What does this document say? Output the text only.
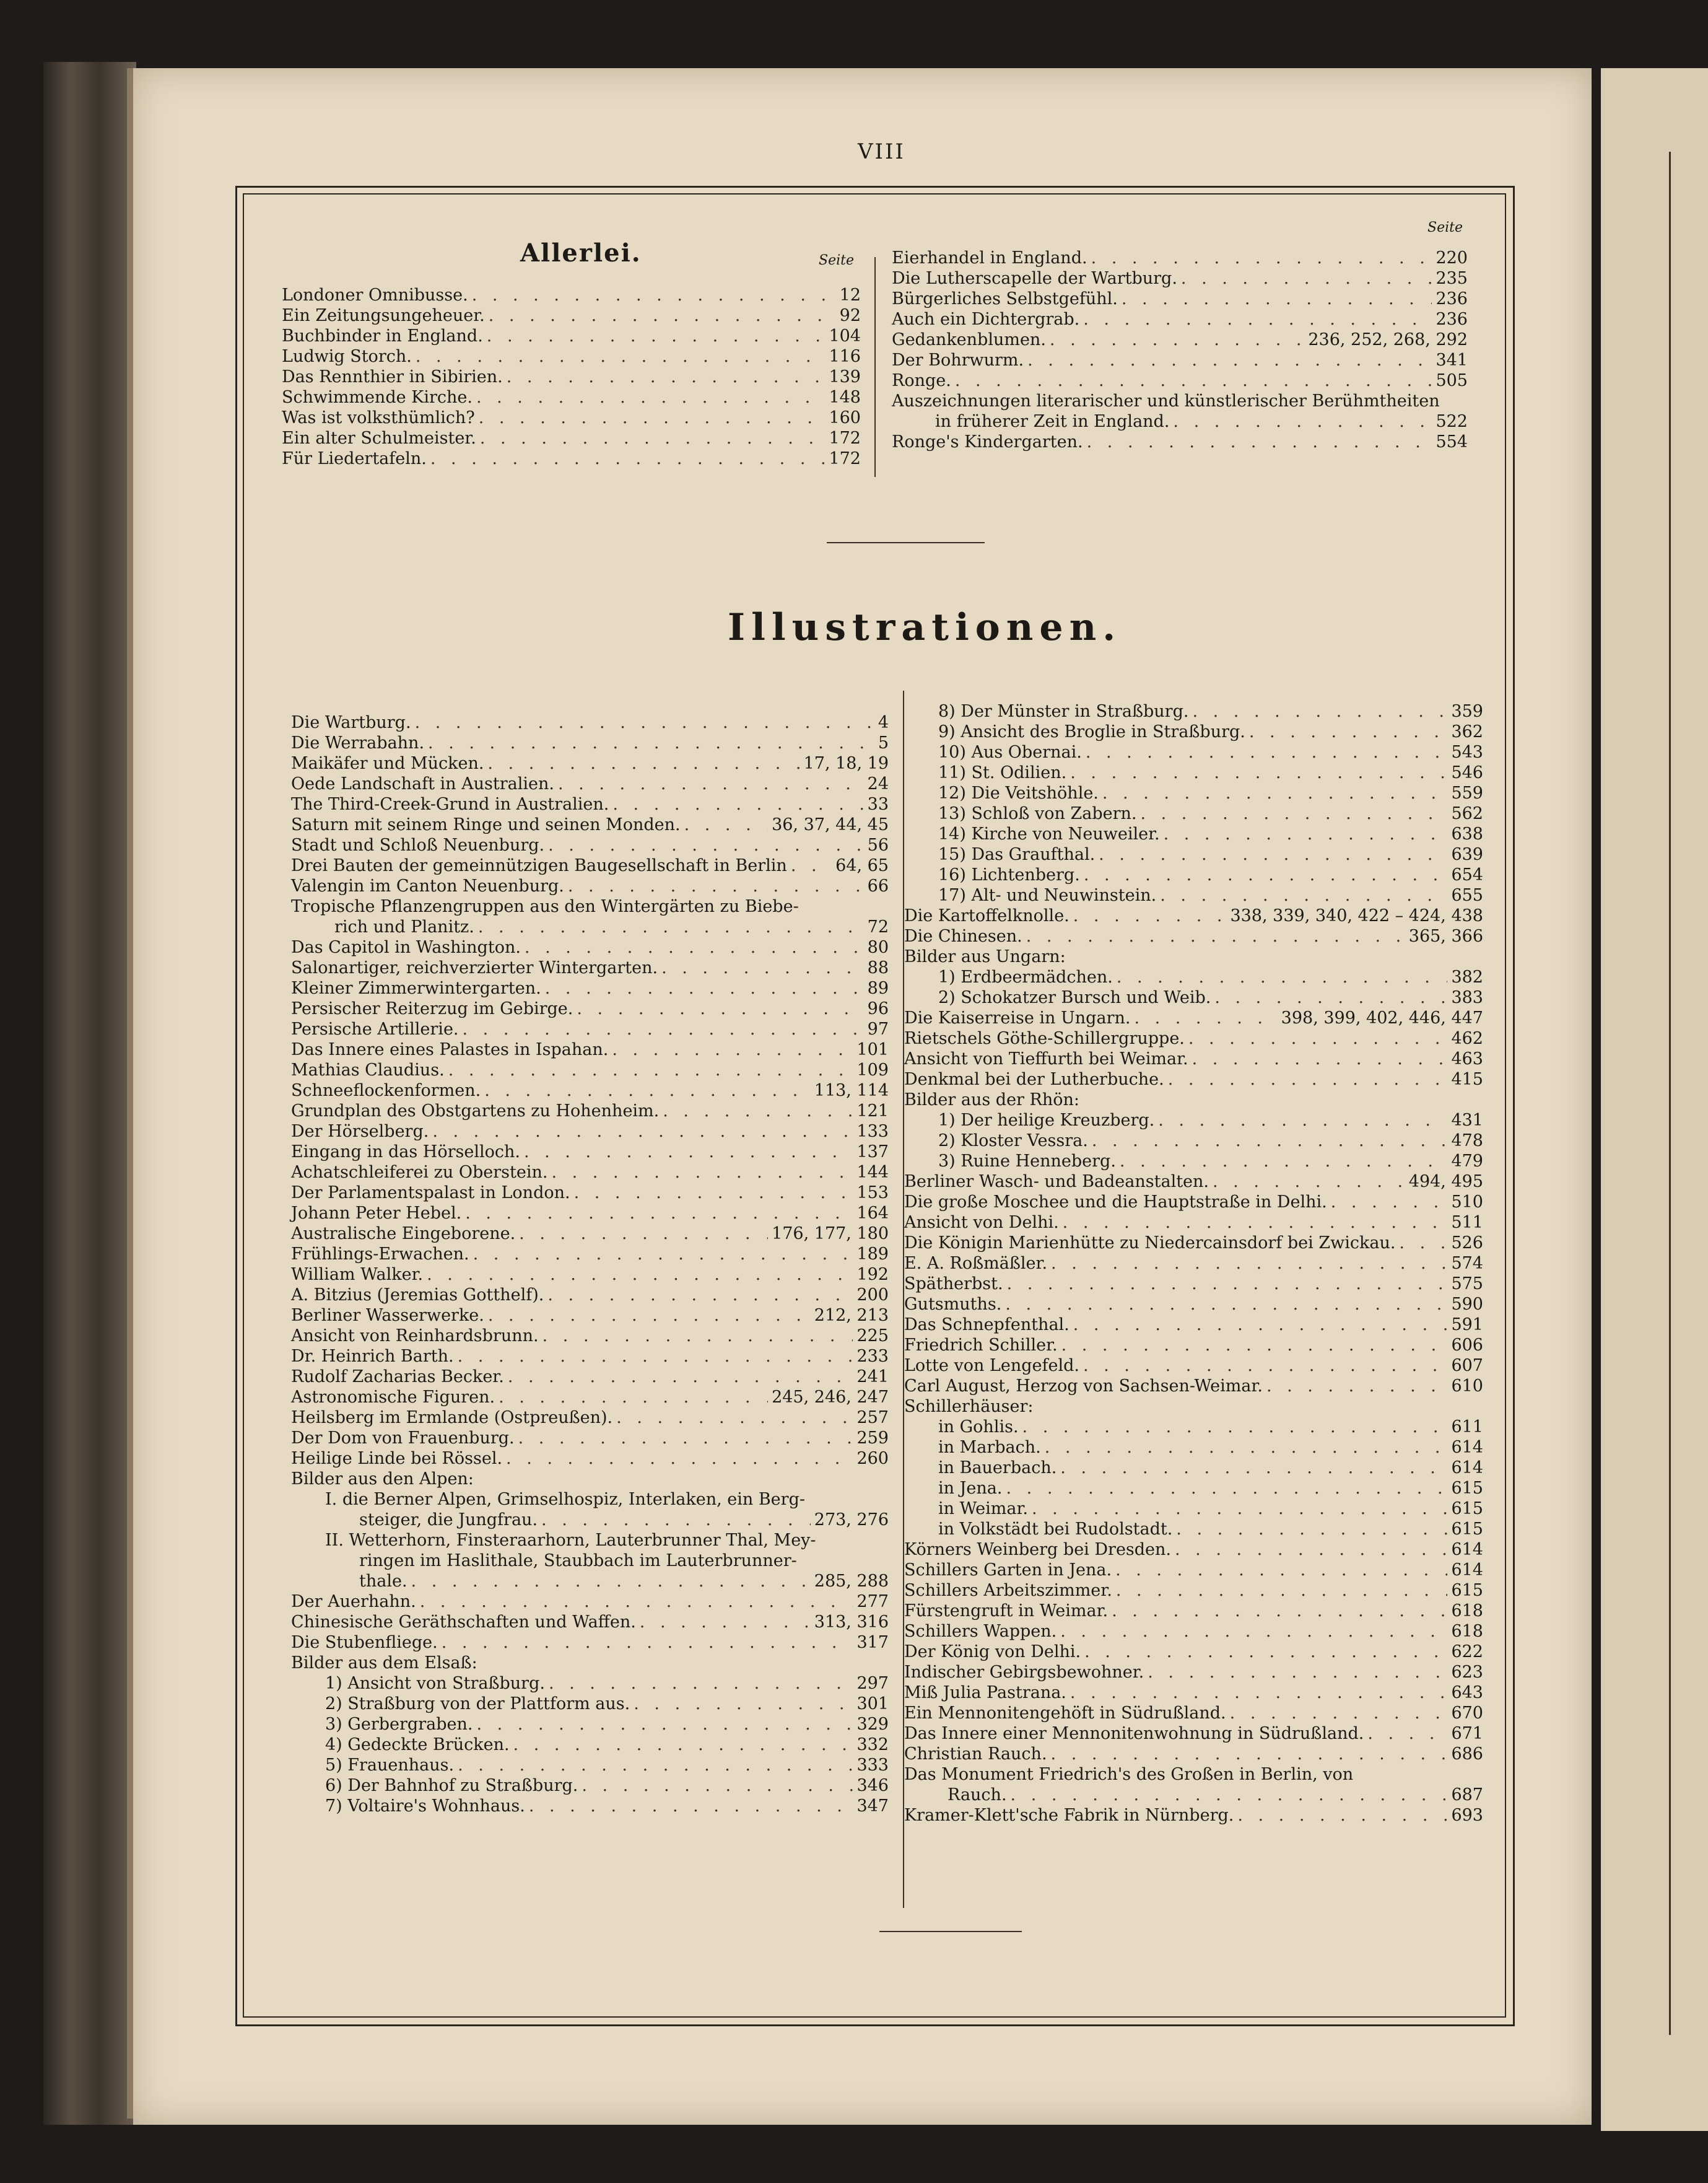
VIII
Allerlei.	Seite
Seite
Londoner Omnibusse. . . .	12
Ein Zeitungsungeheuer. . . .	92
Buchbinder in England. . . .	104
Ludwig Storch. . . .	116
Das Rennthier in Sibirien. . . .	139
Schwimmende Kirche. . . .	148
Was ist volksthümlich? . . .	160
Ein alter Schulmeister. . . .	172
Für Liedertafeln. . . .	172
Eierhandel in England. . . .	220
Die Lutherscapelle der Wartburg. . . .	235
Bürgerliches Selbstgefühl. . . .	236
Auch ein Dichtergrab. . . .	236
Gedankenblumen. . . .	236, 252, 268, 292
Der Bohrwurm. . . .	341
Ronge. . . .	505
Auszeichnungen literarischer und künstlerischer Berühmtheiten
in früherer Zeit in England. . . .	522
Ronge's Kindergarten. . . .	554
Illustrationen.
Die Wartburg. . . .	4
Die Werrabahn. . . .	5
Maikäfer und Mücken. . . .	17, 18, 19
Oede Landschaft in Australien. . . .	24
The Third-Creek-Grund in Australien. . . .	33
Saturn mit seinem Ringe und seinen Monden. . . .	36, 37, 44, 45
Stadt und Schloß Neuenburg. . . .	56
Drei Bauten der gemeinnützigen Baugesellschaft in Berlin . . .	64, 65
Valengin im Canton Neuenburg. . . .	66
Tropische Pflanzengruppen aus den Wintergärten zu Biebe-
rich und Planitz. . . .	72
Das Capitol in Washington. . . .	80
Salonartiger, reichverzierter Wintergarten. . . .	88
Kleiner Zimmerwintergarten. . . .	89
Persischer Reiterzug im Gebirge. . . .	96
Persische Artillerie. . . .	97
Das Innere eines Palastes in Ispahan. . . .	101
Mathias Claudius. . . .	109
Schneeflockenformen. . . .	113, 114
Grundplan des Obstgartens zu Hohenheim. . . .	121
Der Hörselberg. . . .	133
Eingang in das Hörselloch. . . .	137
Achatschleiferei zu Oberstein. . . .	144
Der Parlamentspalast in London. . . .	153
Johann Peter Hebel. . . .	164
Australische Eingeborene. . . .	176, 177, 180
Frühlings-Erwachen. . . .	189
William Walker. . . .	192
A. Bitzius (Jeremias Gotthelf). . . .	200
Berliner Wasserwerke. . . .	212, 213
Ansicht von Reinhardsbrunn. . . .	225
Dr. Heinrich Barth. . . .	233
Rudolf Zacharias Becker. . . .	241
Astronomische Figuren. . . .	245, 246, 247
Heilsberg im Ermlande (Ostpreußen). . . .	257
Der Dom von Frauenburg. . . .	259
Heilige Linde bei Rössel. . . .	260
Bilder aus den Alpen:
I. die Berner Alpen, Grimselhospiz, Interlaken, ein Berg-
steiger, die Jungfrau. . . .	273, 276
II. Wetterhorn, Finsteraarhorn, Lauterbrunner Thal, Mey-
ringen im Haslithale, Staubbach im Lauterbrunner-
thale. . . .	285, 288
Der Auerhahn. . . .	277
Chinesische Geräthschaften und Waffen. . . .	313, 316
Die Stubenfliege. . . .	317
Bilder aus dem Elsaß:
1) Ansicht von Straßburg. . . .	297
2) Straßburg von der Plattform aus. . . .	301
3) Gerbergraben. . . .	329
4) Gedeckte Brücken. . . .	332
5) Frauenhaus. . . .	333
6) Der Bahnhof zu Straßburg. . . .	346
7) Voltaire's Wohnhaus. . . .	347
8) Der Münster in Straßburg. . . .	359
9) Ansicht des Broglie in Straßburg. . . .	362
10) Aus Obernai. . . .	543
11) St. Odilien. . . .	546
12) Die Veitshöhle. . . .	559
13) Schloß von Zabern. . . .	562
14) Kirche von Neuweiler. . . .	638
15) Das Graufthal. . . .	639
16) Lichtenberg. . . .	654
17) Alt- und Neuwinstein. . . .	655
Die Kartoffelknolle. . . .	338, 339, 340, 422 – 424, 438
Die Chinesen. . . .	365, 366
Bilder aus Ungarn:
1) Erdbeermädchen. . . .	382
2) Schokatzer Bursch und Weib. . . .	383
Die Kaiserreise in Ungarn. . . .	398, 399, 402, 446, 447
Rietschels Göthe-Schillergruppe. . . .	462
Ansicht von Tieffurth bei Weimar. . . .	463
Denkmal bei der Lutherbuche. . . .	415
Bilder aus der Rhön:
1) Der heilige Kreuzberg. . . .	431
2) Kloster Vessra. . . .	478
3) Ruine Henneberg. . . .	479
Berliner Wasch- und Badeanstalten. . . .	494, 495
Die große Moschee und die Hauptstraße in Delhi. . . .	510
Ansicht von Delhi. . . .	511
Die Königin Marienhütte zu Niedercainsdorf bei Zwickau. . . .	526
E. A. Roßmäßler. . . .	574
Spätherbst. . . .	575
Gutsmuths. . . .	590
Das Schnepfenthal. . . .	591
Friedrich Schiller. . . .	606
Lotte von Lengefeld. . . .	607
Carl August, Herzog von Sachsen-Weimar. . . .	610
Schillerhäuser:
in Gohlis. . . .	611
in Marbach. . . .	614
in Bauerbach. . . .	614
in Jena. . . .	615
in Weimar. . . .	615
in Volkstädt bei Rudolstadt. . . .	615
Körners Weinberg bei Dresden. . . .	614
Schillers Garten in Jena. . . .	614
Schillers Arbeitszimmer. . . .	615
Fürstengruft in Weimar. . . .	618
Schillers Wappen. . . .	618
Der König von Delhi. . . .	622
Indischer Gebirgsbewohner. . . .	623
Miß Julia Pastrana. . . .	643
Ein Mennonitengehöft in Südrußland. . . .	670
Das Innere einer Mennonitenwohnung in Südrußland. . . .	671
Christian Rauch. . . .	686
Das Monument Friedrich's des Großen in Berlin, von
Rauch. . . .	687
Kramer-Klett'sche Fabrik in Nürnberg. . . .	693
